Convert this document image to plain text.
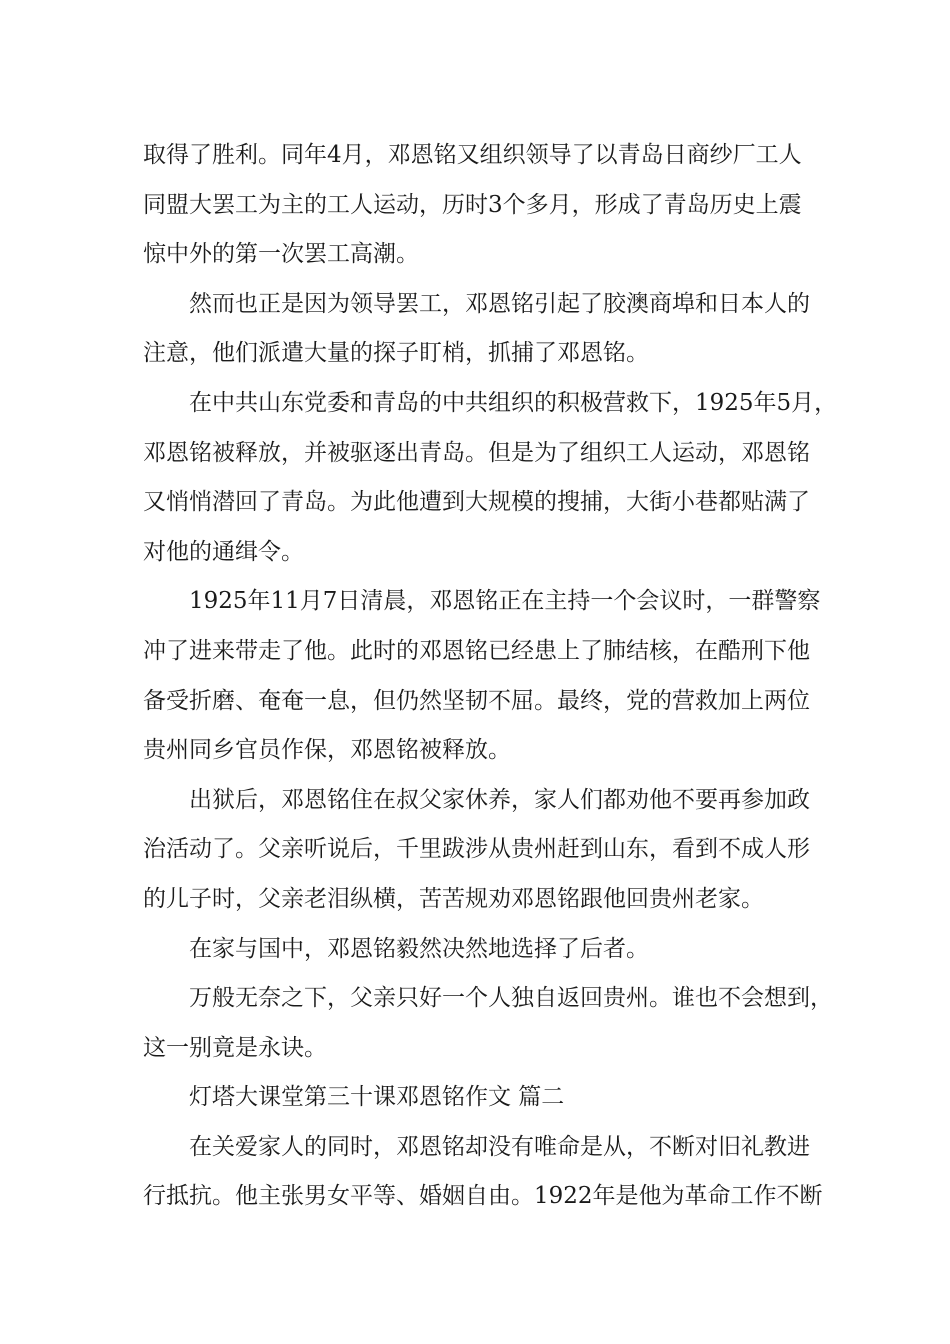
取得了胜利。同年4月，邓恩铭又组织领导了以青岛日商纱厂工人

同盟大罢工为主的工人运动，历时3个多月，形成了青岛历史上震

惊中外的第一次罢工高潮。

然而也正是因为领导罢工，邓恩铭引起了胶澳商埠和日本人的

注意，他们派遣大量的探子盯梢，抓捕了邓恩铭。

在中共山东党委和青岛的中共组织的积极营救下，1925年5月，

邓恩铭被释放，并被驱逐出青岛。但是为了组织工人运动，邓恩铭

又悄悄潜回了青岛。为此他遭到大规模的搜捕，大街小巷都贴满了

对他的通缉令。

1925年11月7日清晨，邓恩铭正在主持一个会议时，一群警察

冲了进来带走了他。此时的邓恩铭已经患上了肺结核，在酷刑下他

备受折磨、奄奄一息，但仍然坚韧不屈。最终，党的营救加上两位

贵州同乡官员作保，邓恩铭被释放。

出狱后，邓恩铭住在叔父家休养，家人们都劝他不要再参加政

治活动了。父亲听说后，千里跋涉从贵州赶到山东，看到不成人形

的儿子时，父亲老泪纵横，苦苦规劝邓恩铭跟他回贵州老家。

在家与国中，邓恩铭毅然决然地选择了后者。

万般无奈之下，父亲只好一个人独自返回贵州。谁也不会想到，

这一别竟是永诀。

灯塔大课堂第三十课邓恩铭作文 篇二

在关爱家人的同时，邓恩铭却没有唯命是从，不断对旧礼教进

行抵抗。他主张男女平等、婚姻自由。1922年是他为革命工作不断
